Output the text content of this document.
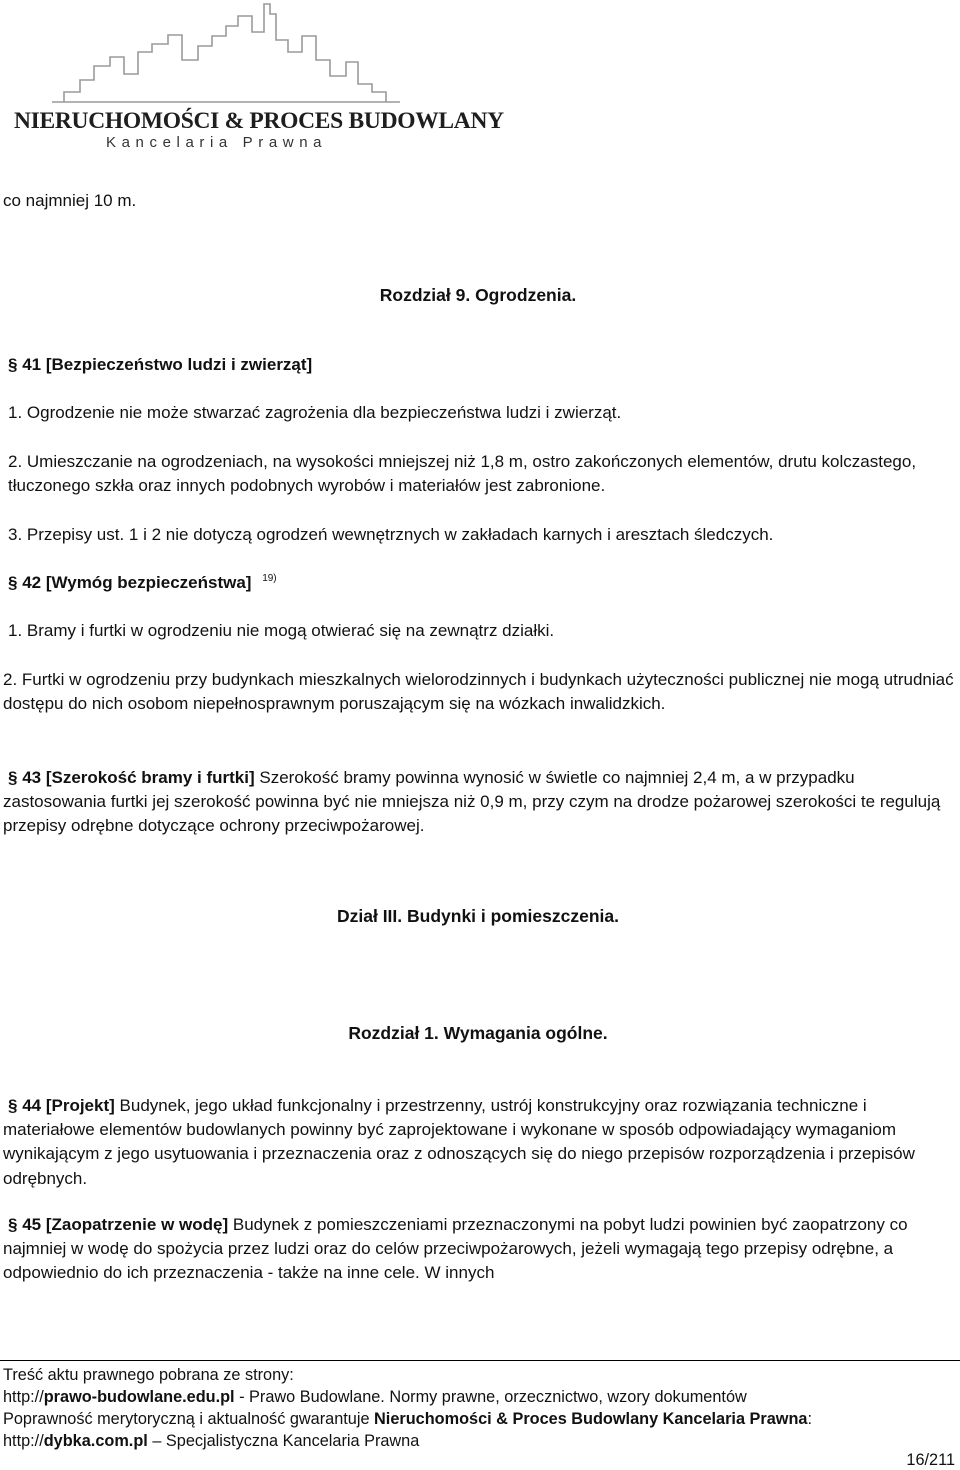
NIERUCHOMOŚCI & PROCES BUDOWLANY
Kancelaria Prawna
co najmniej 10 m.
Rozdział 9. Ogrodzenia.
§ 41 [Bezpieczeństwo ludzi i zwierząt]
1. Ogrodzenie nie może stwarzać zagrożenia dla bezpieczeństwa ludzi i zwierząt.
2. Umieszczanie na ogrodzeniach, na wysokości mniejszej niż 1,8 m, ostro zakończonych elementów, drutu kolczastego, tłuczonego szkła oraz innych podobnych wyrobów i materiałów jest zabronione.
3. Przepisy ust. 1 i 2 nie dotyczą ogrodzeń wewnętrznych w zakładach karnych i aresztach śledczych.
§ 42 [Wymóg bezpieczeństwa] $^{19)}$
1. Bramy i furtki w ogrodzeniu nie mogą otwierać się na zewnątrz działki.
2. Furtki w ogrodzeniu przy budynkach mieszkalnych wielorodzinnych i budynkach użyteczności publicznej nie mogą utrudniać dostępu do nich osobom niepełnosprawnym poruszającym się na wózkach inwalidzkich.
§ 43 [Szerokość bramy i furtki] Szerokość bramy powinna wynosić w świetle co najmniej 2,4 m, a w przypadku zastosowania furtki jej szerokość powinna być nie mniejsza niż 0,9 m, przy czym na drodze pożarowej szerokości te regulują przepisy odrębne dotyczące ochrony przeciwpożarowej.
Dział III. Budynki i pomieszczenia.
Rozdział 1. Wymagania ogólne.
§ 44 [Projekt] Budynek, jego układ funkcjonalny i przestrzenny, ustrój konstrukcyjny oraz rozwiązania techniczne i materiałowe elementów budowlanych powinny być zaprojektowane i wykonane w sposób odpowiadający wymaganiom wynikającym z jego usytuowania i przeznaczenia oraz z odnoszących się do niego przepisów rozporządzenia i przepisów odrębnych.
§ 45 [Zaopatrzenie w wodę] Budynek z pomieszczeniami przeznaczonymi na pobyt ludzi powinien być zaopatrzony co najmniej w wodę do spożycia przez ludzi oraz do celów przeciwpożarowych, jeżeli wymagają tego przepisy odrębne, a odpowiednio do ich przeznaczenia - także na inne cele. W innych
Treść aktu prawnego pobrana ze strony:
http://prawo-budowlane.edu.pl - Prawo Budowlane. Normy prawne, orzecznictwo, wzory dokumentów
Poprawność merytoryczną i aktualność gwarantuje Nieruchomości & Proces Budowlany Kancelaria Prawna:
http://dybka.com.pl – Specjalistyczna Kancelaria Prawna
16/211
